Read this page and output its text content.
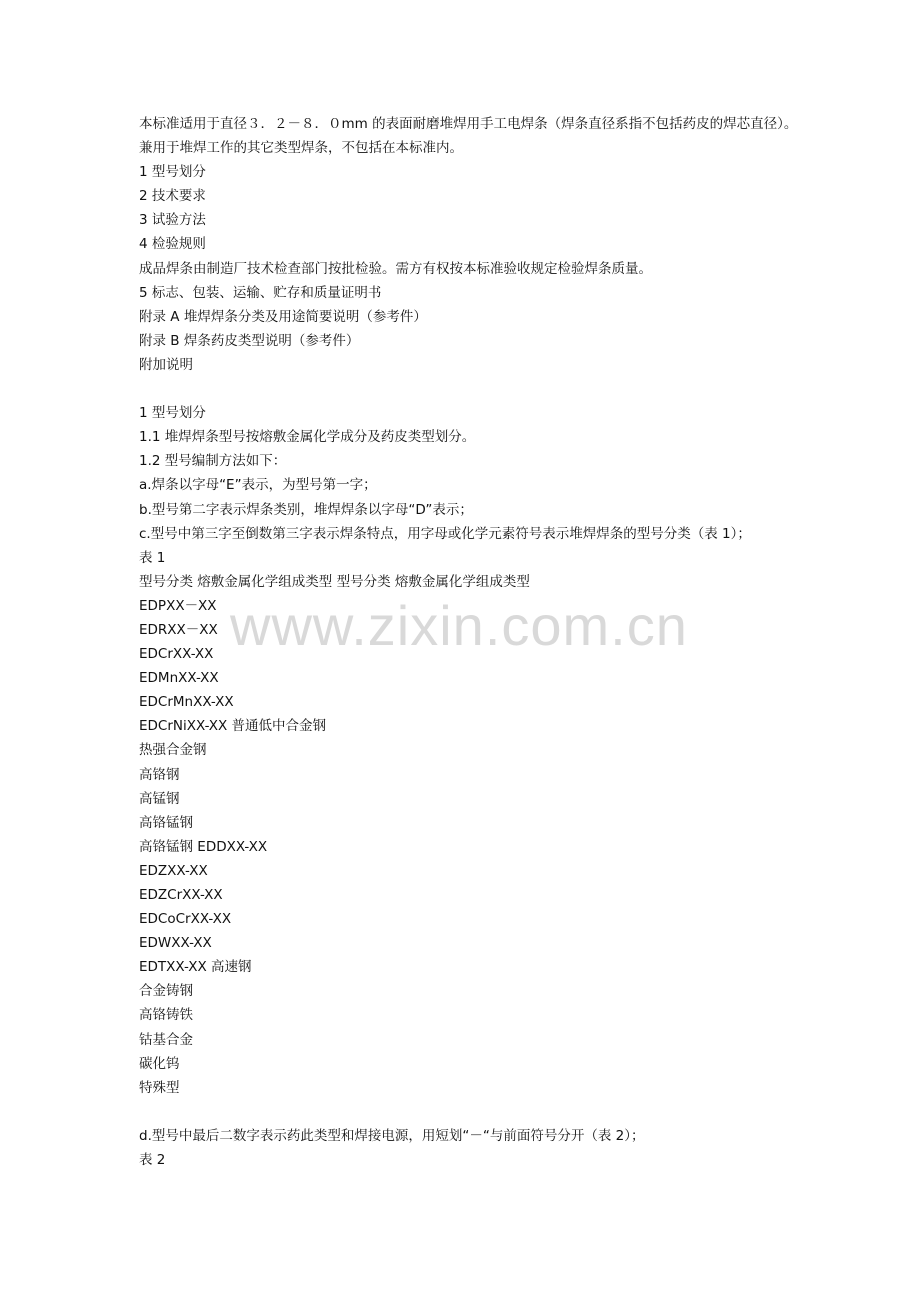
本标准适用于直径３．２－８．０mm 的表面耐磨堆焊用手工电焊条（焊条直径系指不包括药皮的焊芯直径）。
兼用于堆焊工作的其它类型焊条，不包括在本标准内。
1 型号划分
2 技术要求
3 试验方法
4 检验规则
成品焊条由制造厂技术检查部门按批检验。需方有权按本标准验收规定检验焊条质量。
5 标志、包装、运输、贮存和质量证明书
附录 A 堆焊焊条分类及用途简要说明（参考件）
附录 B 焊条药皮类型说明（参考件）
附加说明
1 型号划分
1.1 堆焊焊条型号按熔敷金属化学成分及药皮类型划分。
1.2 型号编制方法如下：
a.焊条以字母“E”表示，为型号第一字；
b.型号第二字表示焊条类别，堆焊焊条以字母“D”表示；
c.型号中第三字至倒数第三字表示焊条特点，用字母或化学元素符号表示堆焊焊条的型号分类（表 1）；
表 1
型号分类 熔敷金属化学组成类型 型号分类 熔敷金属化学组成类型
EDPXX－XX
EDRXX－XX
EDCrXX-XX
EDMnXX-XX
EDCrMnXX-XX
EDCrNiXX-XX 普通低中合金钢
热强合金钢
高铬钢
高锰钢
高铬锰钢
高铬锰钢 EDDXX-XX
EDZXX-XX
EDZCrXX-XX
EDCoCrXX-XX
EDWXX-XX
EDTXX-XX 高速钢
合金铸钢
高铬铸铁
钴基合金
碳化钨
特殊型
d.型号中最后二数字表示药此类型和焊接电源，用短划“－“与前面符号分开（表 2）；
表 2
www.zixin.com.cn
